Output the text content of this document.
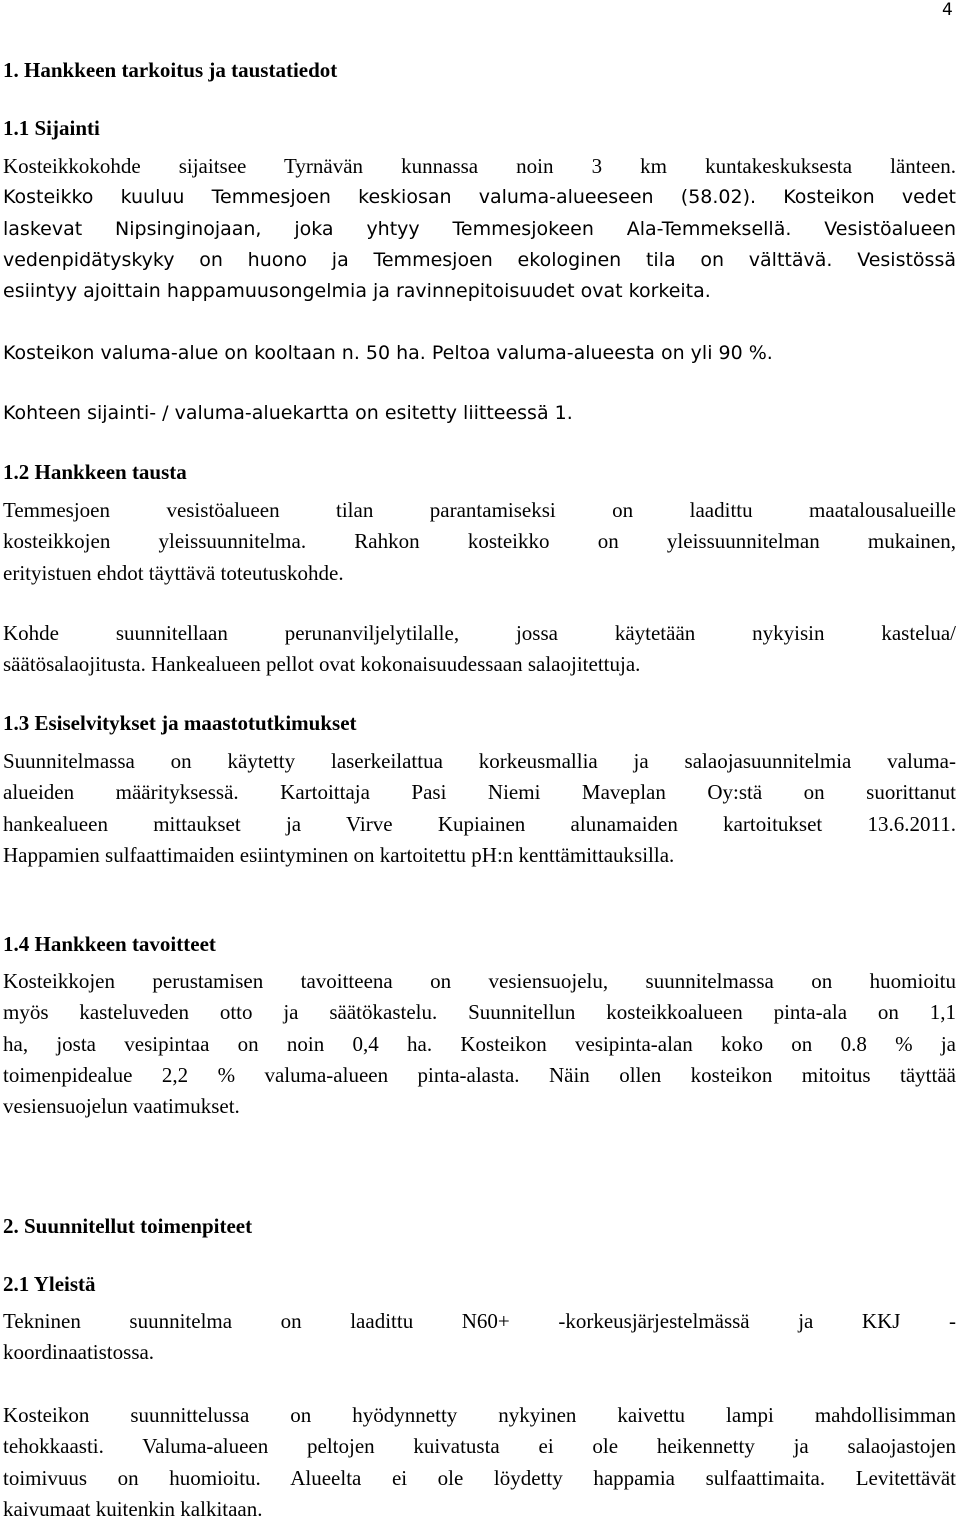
4
1. Hankkeen tarkoitus ja taustatiedot
1.1 Sijainti
Kosteikkokohde sijaitsee Tyrnävän kunnassa noin 3 km kuntakeskuksesta länteen.
Kosteikko kuuluu Temmesjoen keskiosan valuma-alueeseen (58.02). Kosteikon vedet
laskevat Nipsinginojaan, joka yhtyy Temmesjokeen Ala-Temmeksellä. Vesistöalueen
vedenpidätyskyky on huono ja Temmesjoen ekologinen tila on välttävä. Vesistössä
esiintyy ajoittain happamuusongelmia ja ravinnepitoisuudet ovat korkeita.
Kosteikon valuma-alue on kooltaan n. 50 ha. Peltoa valuma-alueesta on yli 90 %.
Kohteen sijainti- / valuma-aluekartta on esitetty liitteessä 1.
1.2 Hankkeen tausta
Temmesjoen vesistöalueen tilan parantamiseksi on laadittu maatalousalueille
kosteikkojen yleissuunnitelma. Rahkon kosteikko on yleissuunnitelman mukainen,
erityistuen ehdot täyttävä toteutuskohde.
Kohde suunnitellaan perunanviljelytilalle, jossa käytetään nykyisin kastelua/
säätösalaojitusta. Hankealueen pellot ovat kokonaisuudessaan salaojitettuja.
1.3 Esiselvitykset ja maastotutkimukset
Suunnitelmassa on käytetty laserkeilattua korkeusmallia ja salaojasuunnitelmia valuma-
alueiden määrityksessä. Kartoittaja Pasi Niemi Maveplan Oy:stä on suorittanut
hankealueen mittaukset ja Virve Kupiainen alunamaiden kartoitukset 13.6.2011.
Happamien sulfaattimaiden esiintyminen on kartoitettu pH:n kenttämittauksilla.
1.4 Hankkeen tavoitteet
Kosteikkojen perustamisen tavoitteena on vesiensuojelu, suunnitelmassa on huomioitu
myös kasteluveden otto ja säätökastelu. Suunnitellun kosteikkoalueen pinta-ala on 1,1
ha, josta vesipintaa on noin 0,4 ha. Kosteikon vesipinta-alan koko on 0.8 % ja
toimenpidealue 2,2 % valuma-alueen pinta-alasta. Näin ollen kosteikon mitoitus täyttää
vesiensuojelun vaatimukset.
2. Suunnitellut toimenpiteet
2.1 Yleistä
Tekninen suunnitelma on laadittu N60+ -korkeusjärjestelmässä ja KKJ -
koordinaatistossa.
Kosteikon suunnittelussa on hyödynnetty nykyinen kaivettu lampi mahdollisimman
tehokkaasti. Valuma-alueen peltojen kuivatusta ei ole heikennetty ja salaojastojen
toimivuus on huomioitu. Alueelta ei ole löydetty happamia sulfaattimaita. Levitettävät
kaivumaat kuitenkin kalkitaan.
